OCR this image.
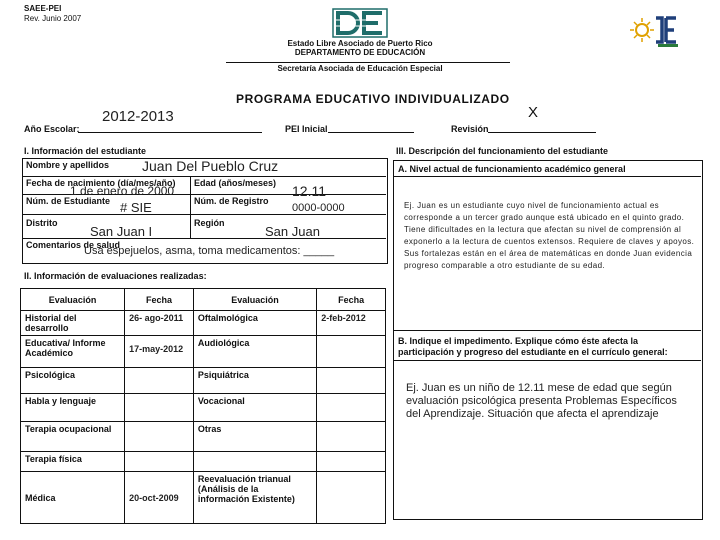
SAEE-PEI
Rev. Junio 2007
Estado Libre Asociado de Puerto Rico
DEPARTAMENTO DE EDUCACIÓN
Secretaría Asociada de Educación Especial
PROGRAMA EDUCATIVO INDIVIDUALIZADO
X
Año Escolar:
2012-2013
PEI Inicial	Revisión
I. Información del estudiante
Nombre y apellidos Juan Del Pueblo Cruz
Fecha de nacimiento (día/mes/año)
1 de enero de 2000
Edad (años/meses) 12.11
Núm. de Estudiante # SIE	Núm. de Registro
0000-0000
Distrito
San Juan I
Región
San Juan
Comentarios de salud
Usa espejuelos, asma, toma medicamentos: _____
II. Información de evaluaciones realizadas:
Evaluación	Fecha	Evaluación	Fecha
Historial del desarrollo	26- ago-2011	Oftalmológica	2-feb-2012
Educativa/ Informe Académico	17-may-2012	Audiológica	
Psicológica		Psiquiátrica	
Habla y lenguaje		Vocacional	
Terapia ocupacional		Otras	
Terapia física			
Médica	20-oct-2009	Reevaluación trianual (Análisis de la información Existente)	
III. Descripción del funcionamiento del estudiante
A. Nivel actual de funcionamiento académico general
Ej. Juan es un estudiante cuyo nivel de funcionamiento actual es corresponde a un tercer grado aunque está ubicado en el quinto grado. Tiene dificultades en la lectura que afectan su nivel de comprensión al exponerlo a la lectura de cuentos extensos. Requiere de claves y apoyos. Sus fortalezas están en el área de matemáticas en donde Juan evidencia progreso comparable a otro estudiante de su edad.
B. Indique el impedimento. Explique cómo éste afecta la participación y progreso del estudiante en el currículo general:
Ej. Juan es un niño de 12.11 mese de edad que según evaluación psicológica presenta Problemas Específicos del Aprendizaje. Situación que afecta el aprendizaje
